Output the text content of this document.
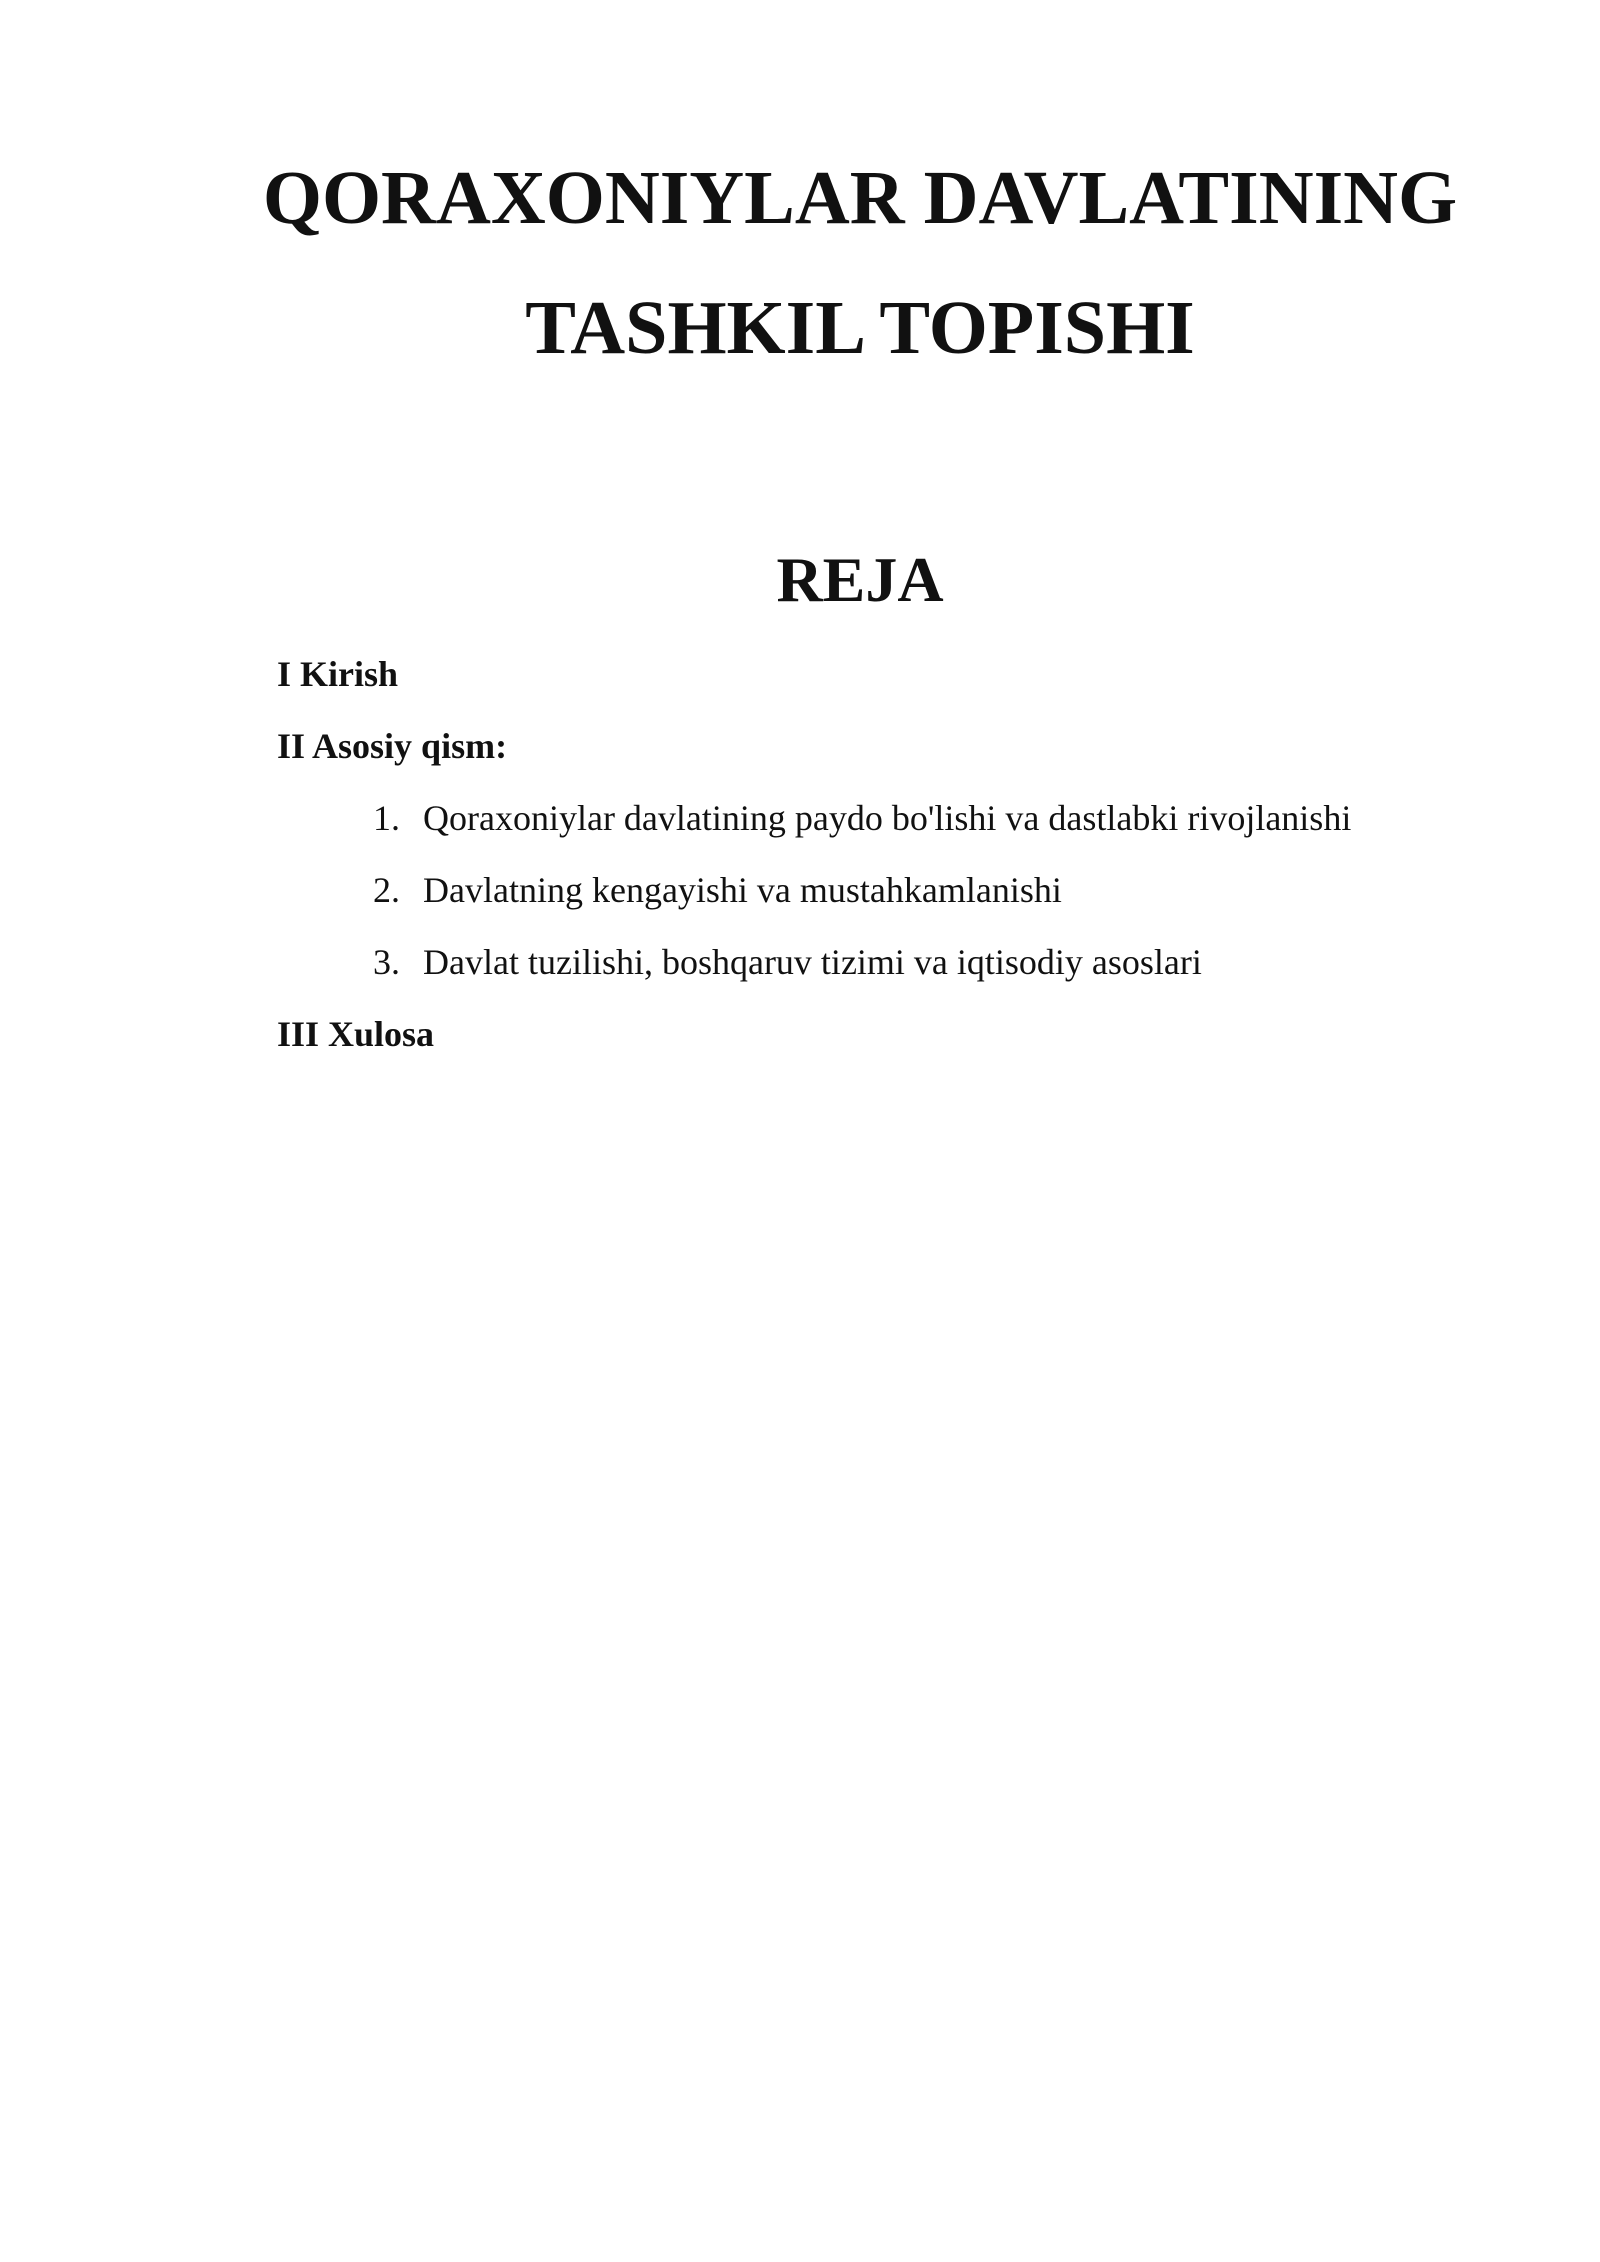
QORAXONIYLAR DAVLATINING
TASHKIL TOPISHI
REJA

I Kirish

II Asosiy qism:

1. Qoraxoniylar davlatining paydo bo'lishi va dastlabki rivojlanishi
2. Davlatning kengayishi va mustahkamlanishi
3. Davlat tuzilishi, boshqaruv tizimi va iqtisodiy asoslari

III Xulosa
